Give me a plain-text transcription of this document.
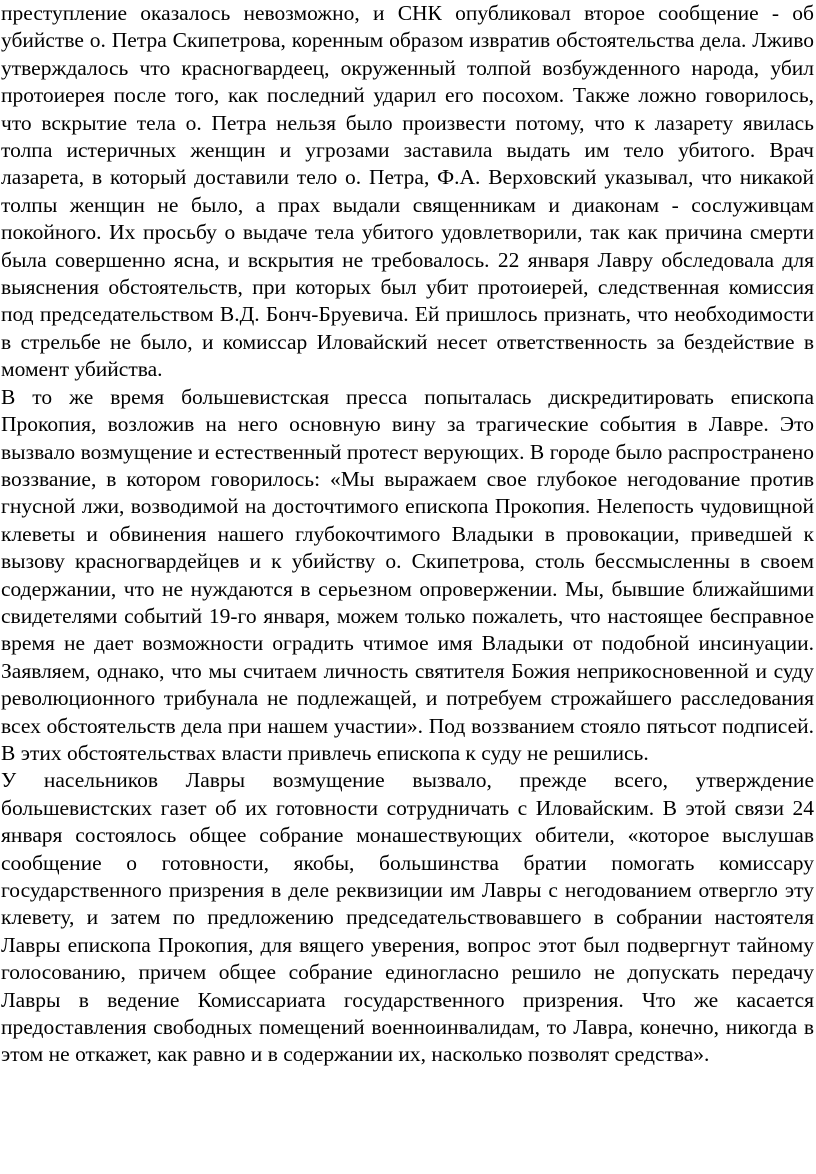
преступление оказалось невозможно, и СНК опубликовал второе сообщение - об убийстве о. Петра Скипетрова, коренным образом извратив обстоятельства дела. Лживо утверждалось что красногвардеец, окруженный толпой возбужденного народа, убил протоиерея после того, как последний ударил его посохом. Также ложно говорилось, что вскрытие тела о. Петра нельзя было произвести потому, что к лазарету явилась толпа истеричных женщин и угрозами заставила выдать им тело убитого. Врач лазарета, в который доставили тело о. Петра, Ф.А. Верховский указывал, что никакой толпы женщин не было, а прах выдали священникам и диаконам - сослуживцам покойного. Их просьбу о выдаче тела убитого удовлетворили, так как причина смерти была совершенно ясна, и вскрытия не требовалось. 22 января Лавру обследовала для выяснения обстоятельств, при которых был убит протоиерей, следственная комиссия под председательством В.Д. Бонч-Бруевича. Ей пришлось признать, что необходимости в стрельбе не было, и комиссар Иловайский несет ответственность за бездействие в момент убийства.

В то же время большевистская пресса попыталась дискредитировать епископа Прокопия, возложив на него основную вину за трагические события в Лавре. Это вызвало возмущение и естественный протест верующих. В городе было распространено воззвание, в котором говорилось: «Мы выражаем свое глубокое негодование против гнусной лжи, возводимой на досточтимого епископа Прокопия. Нелепость чудовищной клеветы и обвинения нашего глубокочтимого Владыки в провокации, приведшей к вызову красногвардейцев и к убийству о. Скипетрова, столь бессмысленны в своем содержании, что не нуждаются в серьезном опровержении. Мы, бывшие ближайшими свидетелями событий 19-го января, можем только пожалеть, что настоящее бесправное время не дает возможности оградить чтимое имя Владыки от подобной инсинуации. Заявляем, однако, что мы считаем личность святителя Божия неприкосновенной и суду революционного трибунала не подлежащей, и потребуем строжайшего расследования всех обстоятельств дела при нашем участии». Под воззванием стояло пятьсот подписей. В этих обстоятельствах власти привлечь епископа к суду не решились.

У насельников Лавры возмущение вызвало, прежде всего, утверждение большевистских газет об их готовности сотрудничать с Иловайским. В этой связи 24 января состоялось общее собрание монашествующих обители, «которое выслушав сообщение о готовности, якобы, большинства братии помогать комиссару государственного призрения в деле реквизиции им Лавры с негодованием отвергло эту клевету, и затем по предложению председательствовавшего в собрании настоятеля Лавры епископа Прокопия, для вящего уверения, вопрос этот был подвергнут тайному голосованию, причем общее собрание единогласно решило не допускать передачу Лавры в ведение Комиссариата государственного призрения. Что же касается предоставления свободных помещений военноинвалидам, то Лавра, конечно, никогда в этом не откажет, как равно и в содержании их, насколько позволят средства».
